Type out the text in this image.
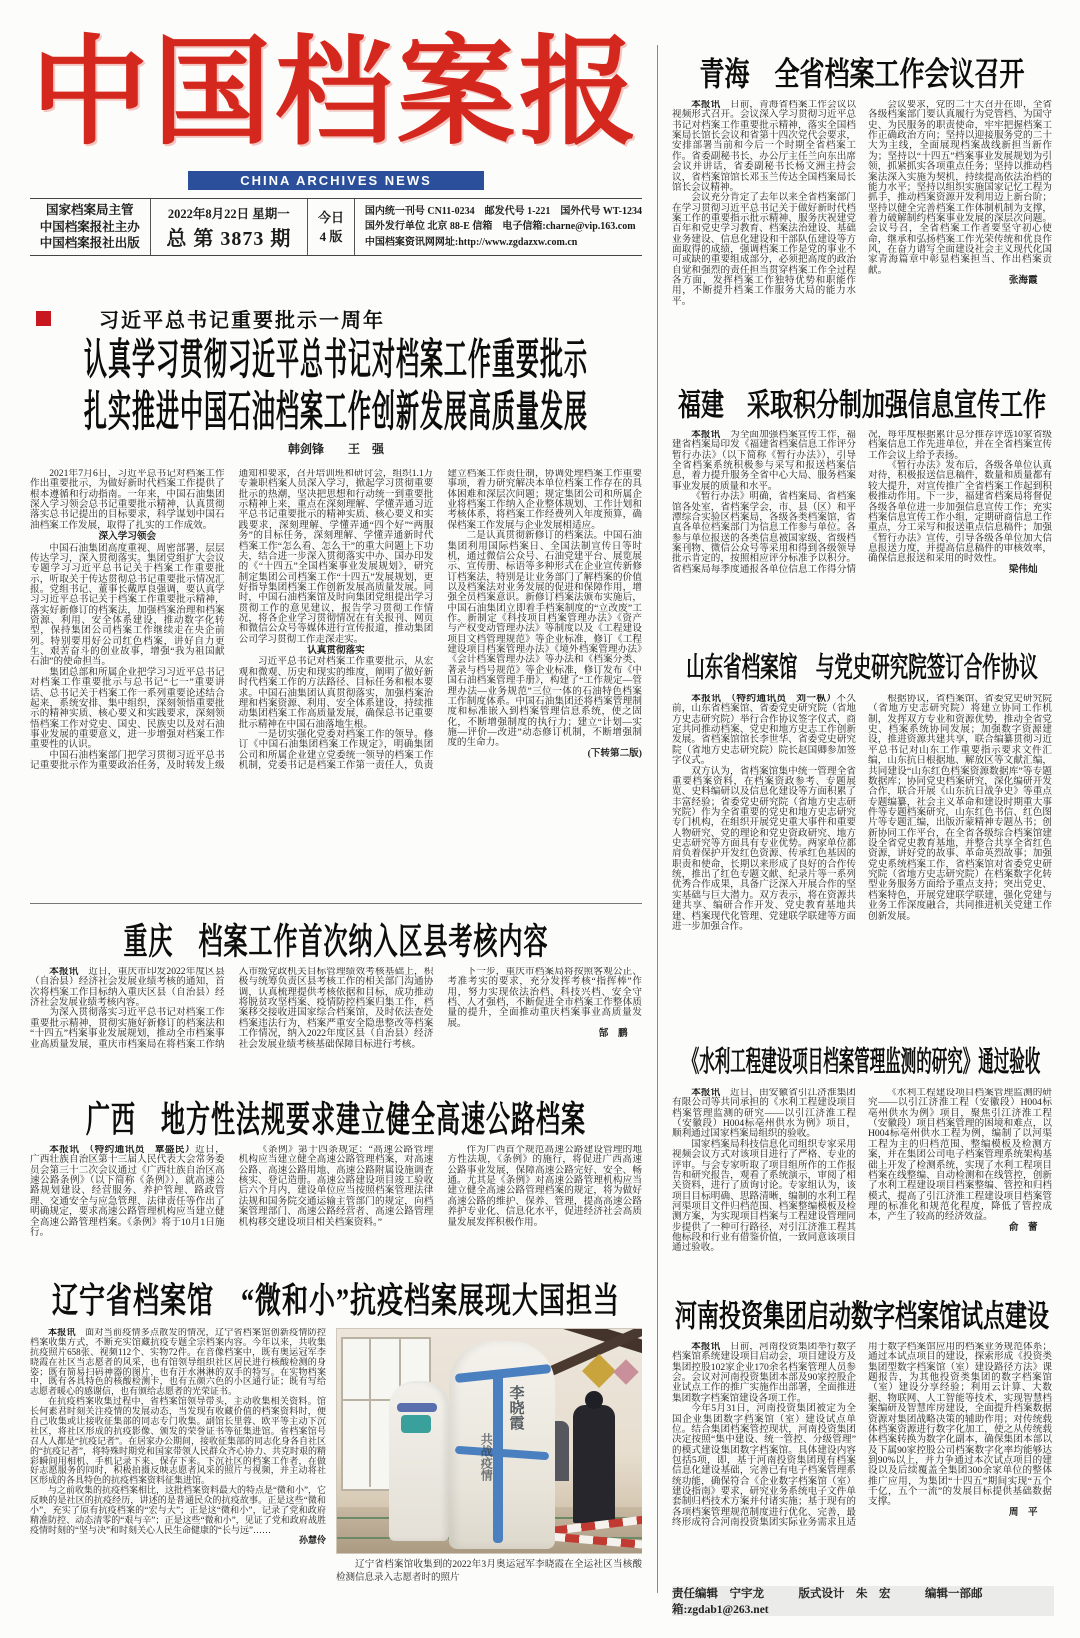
中国档案报
CHINA ARCHIVES NEWS
国家档案局主管
中国档案报社主办
中国档案报社出版
2022年8月22日 星期一
总 第 3873 期
今日
4 版
国内统一刊号 CN11-0234　邮发代号 1-221　国外代号 WT-1234
国外发行单位 北京 88-E 信箱　电子信箱:charne@vip.163.com
中国档案资讯网网址:http://www.zgdazxw.com.cn
习近平总书记重要批示一周年
认真学习贯彻习近平总书记对档案工作重要批示
扎实推进中国石油档案工作创新发展高质量发展
韩剑锋　　王　强

2021年7月6日，习近平总书记对档案工作作出重要批示，为做好新时代档案工作提供了根本遵循和行动指南。一年来，中国石油集团深入学习领会总书记重要批示精神，认真贯彻落实总书记提出的目标要求，科学谋划中国石油档案工作发展，取得了扎实的工作成效。

深入学习领会

中国石油集团高度重视、周密部署，层层传达学习，深入贯彻落实。集团党组扩大会议专题学习习近平总书记关于档案工作重要批示，听取关于传达贯彻总书记重要批示情况汇报。党组书记、董事长戴厚良强调，要认真学习习近平总书记关于档案工作重要批示精神，落实好新修订的档案法，加强档案治理和档案资源、利用、安全体系建设，推动数字化转型，保持集团公司档案工作继续走在央企前列。特别要用好公司红色档案，讲好自力更生、艰苦奋斗的创业故事，增强“我为祖国献石油”的使命担当。

集团总部和所属企业把学习习近平总书记对档案工作重要批示与总书记“七一”重要讲话、总书记关于档案工作一系列重要论述结合起来，系统安排、集中组织，深刻领悟重要批示的精神实质、核心要义和实践要求，深刻领悟档案工作对党史、国史、民族史以及对石油事业发展的重要意义，进一步增强对档案工作重要性的认识。

中国石油档案部门把学习贯彻习近平总书记重要批示作为重要政治任务，及时转发上级通知和要求，召开培训班和研讨会，组织1.1万专兼职档案人员深入学习，掀起学习贯彻重要批示的热潮，坚决把思想和行动统一到重要批示精神上来，重点在深刻理解、学懂弄通习近平总书记重要批示的精神实质、核心要义和实践要求，深刻理解、学懂弄通“四个好”“两服务”的目标任务，深刻理解、学懂弄通新时代档案工作“怎么看、怎么干”的重大问题上下功夫，结合进一步深入贯彻落实中办、国办印发的《“十四五”全国档案事业发展规划》，研究制定集团公司档案工作“十四五”发展规划，更好指导集团档案工作创新发展高质量发展。同时，中国石油档案馆及时向集团党组提出学习贯彻工作的意见建议，报告学习贯彻工作情况，将各企业学习贯彻情况在有关报刊、网页和微信公众号等媒体进行宣传报道，推动集团公司学习贯彻工作走深走实。

认真贯彻落实

习近平总书记对档案工作重要批示，从宏观和微观、历史和现实的维度，阐明了做好新时代档案工作的方法路径、目标任务和根本要求。中国石油集团认真贯彻落实，加强档案治理和档案资源、利用、安全体系建设，持续推动集团档案工作高质量发展，确保总书记重要批示精神在中国石油落地生根。

一是切实强化党委对档案工作的领导。修订《中国石油集团档案工作规定》，明确集团公司和所属企业建立党委统一领导的档案工作机制，党委书记是档案工作第一责任人，负责建立档案工作责任制，协调处理档案工作重要事项，着力研究解决本单位档案工作存在的具体困难和深层次问题；规定集团公司和所属企业将档案工作纳入企业整体规划、工作计划和考核体系，将档案工作经费列入年度预算，确保档案工作发展与企业发展相适应。

二是认真贯彻新修订的档案法。中国石油集团利用国际档案日、全国法制宣传日等时机，通过微信公众号、石油党建平台、展览展示、宣传册、标语等多种形式在企业宣传新修订档案法，特别是让业务部门了解档案的价值以及档案法对业务发展的促进和保障作用，增强全员档案意识。新修订档案法颁布实施后，中国石油集团立即着手档案制度的“立改废”工作。新制定《科技项目档案管理办法》《资产与产权变动管理办法》等制度以及《工程建设项目文档管理规范》等企业标准，修订《工程建设项目档案管理办法》《境外档案管理办法》《会计档案管理办法》等办法和《档案分类、著录与档号规范》等企业标准，修订发布《中国石油档案管理手册》，构建了“工作规定—管理办法—业务规范”三位一体的石油特色档案工作制度体系。中国石油集团还将档案管理制度和标准嵌入到档案管理信息系统，使之固化，不断增强制度的执行力；建立“计划—实施—评价—改进”动态修订机制，不断增强制度的生命力。

(下转第二版)

重庆　档案工作首次纳入区县考核内容

本报讯　近日，重庆市印发2022年度区县（自治县）经济社会发展业绩考核的通知，首次将档案工作目标纳入重庆区县（自治县）经济社会发展业绩考核内容。

为深入贯彻落实习近平总书记对档案工作重要批示精神，贯彻实施好新修订的档案法和“十四五”档案事业发展规划，推动全市档案事业高质量发展，重庆市档案局在将档案工作纳入市级党政机关目标管理绩效考核基础上，积极与统筹负责区县考核工作的相关部门沟通协调，认真梳理提供考核依据和目标，成功推动将脱贫攻坚档案、疫情防控档案归集工作，档案移交接收进国家综合档案馆，及时依法查处档案违法行为，档案严重安全隐患整改等档案工作情况，纳入2022年度区县（自治县）经济社会发展业绩考核基础保障目标进行考核。

下一步，重庆市档案局将按照客观公正、考准考实的要求，充分发挥考核“指挥棒”作用，努力实现依法治档、科技兴档、安全守档、人才强档，不断促进全市档案工作整体质量的提升，全面推动重庆档案事业高质量发展。

郜　鹏

广西　地方性法规要求建立健全高速公路档案

本报讯　（特约通讯员　覃盛民）近日，广西壮族自治区第十三届人民代表大会常务委员会第三十二次会议通过《广西壮族自治区高速公路条例》（以下简称《条例》），就高速公路规划建设、经营服务、养护管理、路政管理、交通安全与应急管理、法律责任等作出了明确规定，要求高速公路管理机构应当建立健全高速公路管理档案。《条例》将于10月1日施行。

《条例》第十四条规定：“高速公路管理机构应当建立健全高速公路管理档案，对高速公路、高速公路用地、高速公路附属设施调查核实、登记造册。高速公路建设项目竣工验收后六个月内，建设单位应当按照档案管理法律法规和国务院交通运输主管部门的规定，向档案管理部门、高速公路经营者、高速公路管理机构移交建设项目相关档案资料。”

作为广西首个规范高速公路建设管理的地方性法规，《条例》的施行，将促进广西高速公路事业发展，保障高速公路完好、安全、畅通。尤其是《条例》对高速公路管理机构应当建立健全高速公路管理档案的规定，将为做好高速公路的维护、保养、管理，提高高速公路养护专业化、信息化水平，促进经济社会高质量发展发挥积极作用。

辽宁省档案馆　“微和小”抗疫档案展现大国担当
李晓霞
共战疫情
辽宁省档案馆收集到的2022年3月奥运冠军李晓霞在全运社区当核酸检测信息录入志愿者时的照片

本报讯　面对当前疫情多点散发的情况，辽宁省档案馆创新疫情防控档案收集方式，不断充实馆藏抗疫专题全宗档案内容。今年以来，共收集抗疫照片658张、视频112个、实物72件。在音像档案中，既有奥运冠军李晓霞在社区当志愿者的风采，也有馆领导组织社区居民进行核酸检测的身姿；既有简易扫码神器的图片，也有汗水淋淋的双手的特写。在实物档案中，既有各具特色的核酸检测卡，也有五颜六色的小区通行证；既有写给志愿者暖心的感谢信，也有颁给志愿者的光荣证书。

在抗疫档案收集过程中，省档案馆领导带头，主动收集相关资料。馆长何素君时刻关注疫情的发展动态，当发现有收藏价值的档案资料时，便自己收集或让接收征集部的同志专门收集。副馆长里蓉、欧平等主动下沉社区，将社区形成的抗疫影像、颁发的荣誉证书等征集进馆。省档案馆号召人人都是“抗疫记者”。在居家办公期间，接收征集部的同志化身各自社区的“抗疫记者”，将特殊时期党和国家带领人民群众齐心协力、共克时艰的精彩瞬间用相机、手机记录下来、保存下来。下沉社区的档案工作者，在做好志愿服务的同时，积极拍摄反映志愿者风采的照片与视频，并主动将社区形成的各具特色的抗疫档案资料征集进馆。

与之前收集的抗疫档案相比，这批档案资料最大的特点是“微和小”，它反映的是社区的抗疫经历，讲述的是普通民众的抗疫故事。正是这些“微和小”，充实了原有抗疫档案的“宏与大”；正是这“微和小”，记录了党和政府精准防控、动态清零的“艰与辛”；正是这些“微和小”，见证了党和政府战胜疫情时刻的“坚与决”和时刻关心人民生命健康的“长与远”……

孙慧伶

青海　全省档案工作会议召开

本报讯　日前，青海省档案工作会议以视频形式召开。会议深入学习贯彻习近平总书记对档案工作重要批示精神，落实全国档案局长馆长会议和省第十四次党代会要求，安排部署当前和今后一个时期全省档案工作。省委副秘书长、办公厅主任兰向东出席会议并讲话，省委副秘书长杨文洲主持会议，省档案馆馆长邓玉兰传达全国档案局长馆长会议精神。

会议充分肯定了去年以来全省档案部门在学习贯彻习近平总书记关于做好新时代档案工作的重要指示批示精神、服务庆祝建党百年和党史学习教育、档案法治建设、基础业务建设、信息化建设和干部队伍建设等方面取得的成绩，强调档案工作是党的事业不可或缺的重要组成部分，必须把高度的政治自觉和强烈的责任担当贯穿档案工作全过程各方面，发挥档案工作独特优势和职能作用，不断提升档案工作服务大局的能力水平。

会议要求，党的二十大召开在即，全省各级档案部门要认真履行为党管档、为国守史、为民服务的职责使命，牢牢把握档案工作正确政治方向；坚持以迎接服务党的二十大为主线，全面展现档案战线新担当新作为；坚持以“十四五”档案事业发展规划为引领，抓紧抓实各项重点任务；坚持以推动档案法深入实施为契机，持续提高依法治档的能力水平；坚持以组织实施国家记忆工程为抓手，推动档案资源开发利用迈上新台阶；坚持以健全完善档案工作体制机制为支撑，着力破解制约档案事业发展的深层次问题。会议号召，全省档案工作者要坚守初心使命，继承和弘扬档案工作光荣传统和优良作风，在奋力谱写全面建设社会主义现代化国家青海篇章中彰显档案担当、作出档案贡献。

张海霞

福建　采取积分制加强信息宣传工作

本报讯　为全面加强档案宣传工作，福建省档案局印发《福建省档案信息工作评分暂行办法》（以下简称《暂行办法》），引导全省档案系统积极参与采写和报送档案信息，着力提升服务全省中心大局、服务档案事业发展的质量和水平。

《暂行办法》明确，省档案局、省档案馆各处室，省档案学会，市、县（区）和平潭综合实验区档案局，各级各类档案馆，省直各单位档案部门为信息工作参与单位。各参与单位报送的各类信息被国家级、省级档案刊物、微信公众号等采用和得到各级领导批示肯定的，按照相应评分标准予以积分。省档案局每季度通报各单位信息工作得分情况，每年度根据累计总分推荐评选10家省级档案信息工作先进单位，并在全省档案宣传工作会议上给予表扬。

《暂行办法》发布后，各级各单位认真对待，积极报送信息稿件，数量和质量都有较大提升，对宣传推广全省档案工作起到积极推动作用。下一步，福建省档案局将督促各级各单位进一步加强信息宣传工作；充实档案信息宣传工作小组，定期研商信息工作重点，分工采写和报送重点信息稿件；加强《暂行办法》宣传，引导各级各单位加大信息报送力度，并提高信息稿件的审核效率，确保信息报送和采用的时效性。

梁伟灿

山东省档案馆　与党史研究院签订合作协议

本报讯　（特约通讯员　刘一枞）不久前，山东省档案馆、省委党史研究院（省地方史志研究院）举行合作协议签字仪式，商定共同推动档案、党史和地方史志工作创新发展。省档案馆馆长李世华、省委党史研究院（省地方史志研究院）院长赵国卿参加签字仪式。

双方认为，省档案馆集中统一管理全省重要档案资料，在档案资政参考、专题展览、史料编研以及信息化建设等方面积累了丰富经验；省委党史研究院（省地方史志研究院）作为全省重要的党史和地方史志研究专门机构，在组织开展党史重大事件和重要人物研究、党的理论和党史资政研究、地方史志研究等方面具有专业优势。两家单位都肩负着保护开发红色资源、传承红色基因的职责和使命，长期以来形成了良好的合作传统，推出了红色专题文献、纪录片等一系列优秀合作成果，具备广泛深入开展合作的坚实基础与巨大潜力。双方表示，将在资源共建共享、编研合作开发、党史教育基地共建、档案现代化管理、党建联学联建等方面进一步加强合作。

根据协议，省档案馆、省委党史研究院（省地方史志研究院）将建立协同工作机制，发挥双方专业和资源优势，推动全省党史、档案系统协同发展；加强数字资源建设，推进资源共建共享，联合编纂贯彻习近平总书记对山东工作重要指示要求文件汇编，山东抗日根据地、解放区等文献汇编，共同建设“山东红色档案资源数据库”等专题数据库；协同党史档案研究，深化编研开发合作，联合开展《山东抗日战争史》等重点专题编纂，社会主义革命和建设时期重大事件等专题档案研究，山东红色书信、红色图片等专题汇编，出版沂蒙精神专题丛书；创新协同工作平台，在全省各级综合档案馆建设全省党史教育基地，并整合共享全省红色资源，讲好党的故事、革命英烈故事；加强党史系统档案工作，省档案馆对省委党史研究院（省地方史志研究院）在档案数字化转型业务服务方面给予重点支持；突出党史、档案特色，开展党建联学联建，强化党建与业务工作深度融合，共同推进机关党建工作创新发展。

《水利工程建设项目档案管理监测的研究》通过验收

本报讯　近日，由安徽省引江济淮集团有限公司等共同承担的《水利工程建设项目档案管理监测的研究——以引江济淮工程（安徽段）H004标亳州供水为例》项目，顺利通过国家档案局组织的验收。

国家档案局科技信息化司组织专家采用视频会议方式对该项目进行了严格、专业的评审。与会专家听取了项目组所作的工作报告和研究报告，观看了系统演示，审阅了相关资料，进行了质询讨论。专家组认为，该项目目标明确、思路清晰，编制的水利工程河渠项目文件归档范围、档案整编模板及检测方案，为实现项目档案与工程建设管理同步提供了一种可行路径，对引江济淮工程其他标段和行业有借鉴价值，一致同意该项目通过验收。

《水利工程建设项目档案管理监测的研究——以引江济淮工程（安徽段）H004标亳州供水为例》项目，聚焦引江济淮工程（安徽段）项目档案管理的困境和难点，以H004标亳州供水工程为例，编制了以河渠工程为主的归档范围、整编模板及检测方案，并在集团公司电子档案管理系统架构基础上开发了检测系统，实现了水利工程项目档案在线整编、自动检测和在线管控，创新了水利工程建设项目档案整编、管控和归档模式，提高了引江济淮工程建设项目档案管理的标准化和规范化程度，降低了管控成本，产生了较高的经济效益。

俞　蕾

河南投资集团启动数字档案馆试点建设

本报讯　日前，河南投资集团举行数字档案馆系统建设项目启动会，项目建设方及集团控股102家企业170余名档案管理人员参会。会议对河南投资集团本部及90家控股企业试点工作的推广实施作出部署，全面推进集团数字档案馆建设各项工作。

今年5月31日，河南投资集团被定为全国企业集团数字档案馆（室）建设试点单位。结合集团档案管控现状，河南投资集团决定按照“集中建设、统一管控、分级管理”的模式建设集团数字档案馆。具体建设内容包括5项，即，基于河南投资集团现有档案信息化建设基础，完善已有电子档案管理系统功能，确保符合《企业数字档案馆（室）建设指南》要求，研究业务系统电子文件单套制归档技术方案并付诸实施；基于现有的各项档案管理规范制度进行优化、完善，最终形成符合河南投资集团实际业务需求且适用于数字档案馆应用的档案业务规范体系；通过本试点项目的建设，探索形成《投资类集团型数字档案馆（室）建设路径方法》课题报告，为其他投资类集团的数字档案馆（室）建设分享经验；利用云计算、大数据、物联网、人工智能等技术，实现智慧档案编研及智慧库房建设，全面提升档案数据资源对集团战略决策的辅助作用；对传统载体档案资源进行数字化加工，使之从传统载体档案转换为数字化副本，确保集团本部以及下属90家控股公司档案数字化率均能够达到90%以上，并力争通过本次试点项目的建设以及后续覆盖全集团300余家单位的整体推广应用，为集团“十四五”期间实现“五个千亿，五个一流”的发展目标提供基础数据支撑。

周　平

责任编辑　宁宇龙　　　版式设计　朱　宏　　　编辑一部邮箱:zgdab1@263.net
